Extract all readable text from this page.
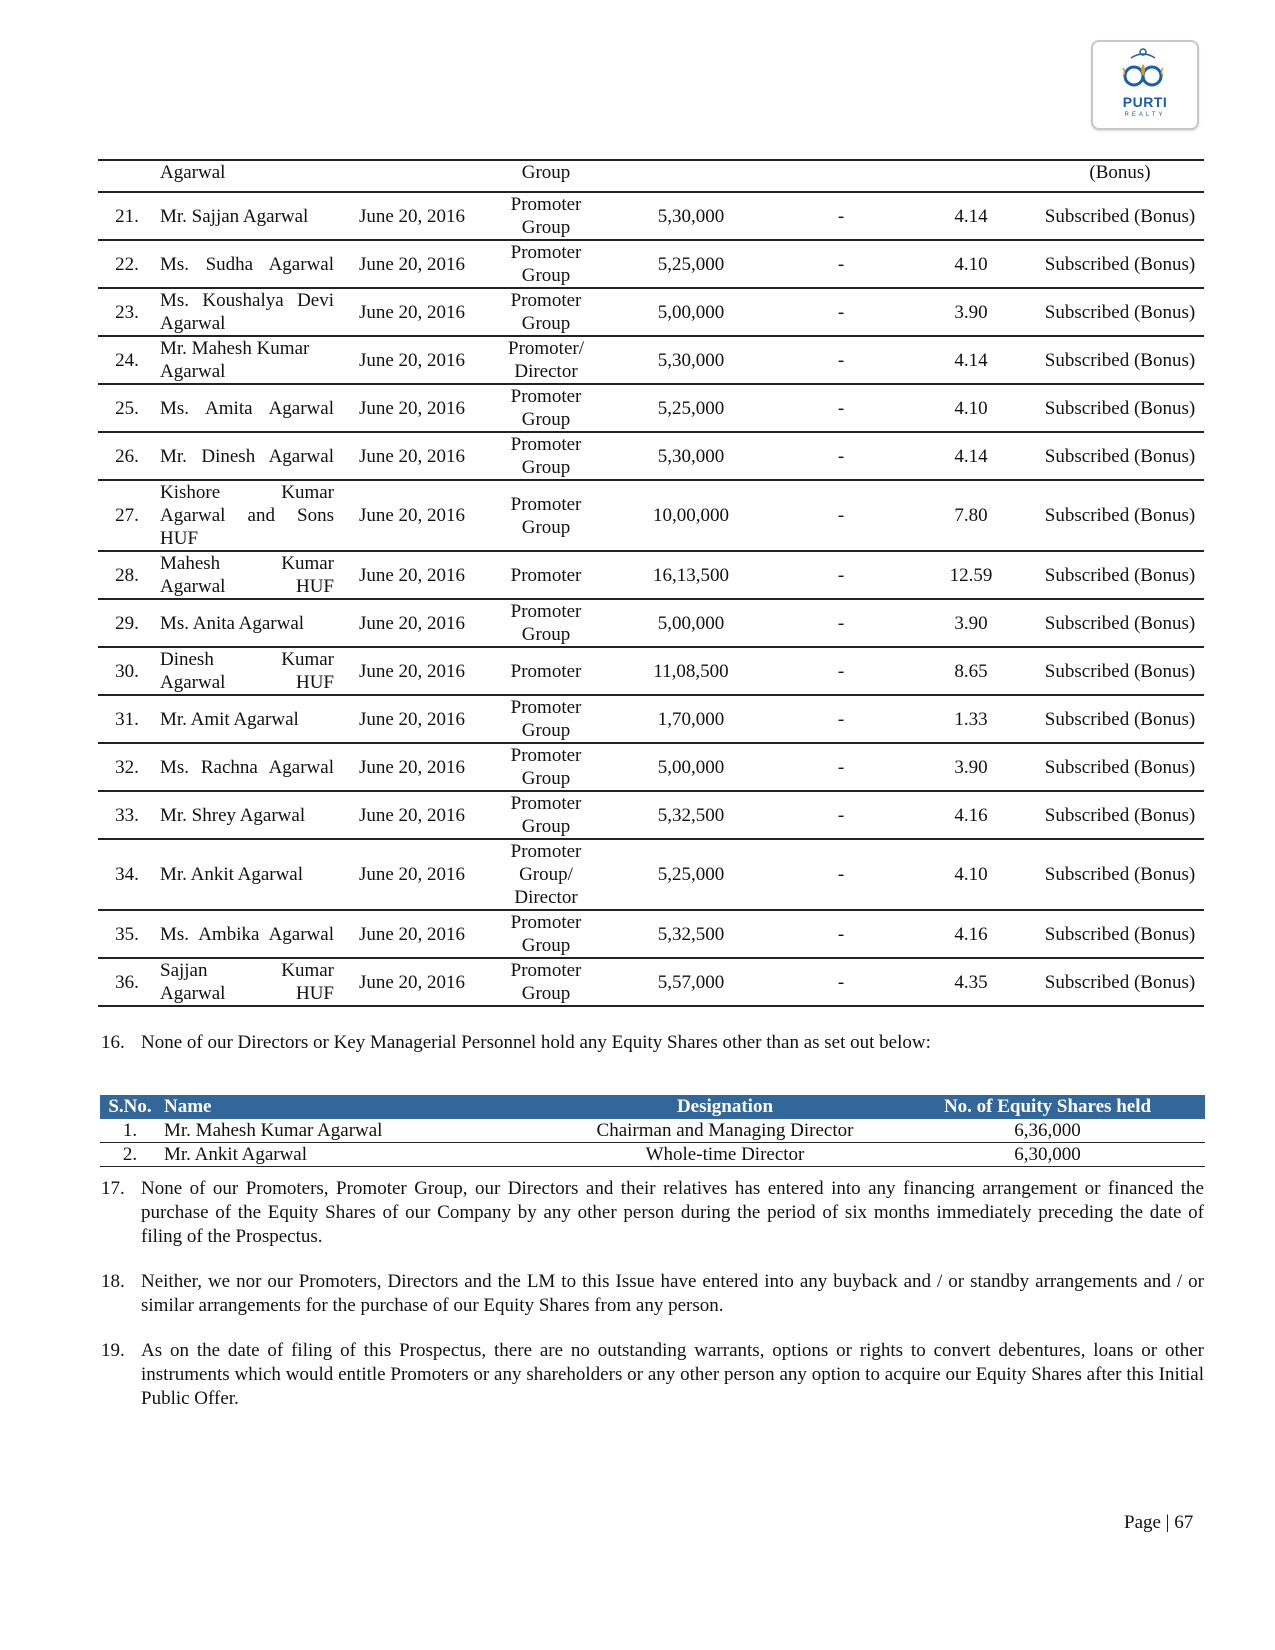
PURTI
REALTY
	Agarwal		Group				(Bonus)
21.	Mr. Sajjan Agarwal	June 20, 2016	Promoter Group	5,30,000	-	4.14	Subscribed (Bonus)
22.	Ms. Sudha Agarwal	June 20, 2016	Promoter Group	5,25,000	-	4.10	Subscribed (Bonus)
23.	Ms. Koushalya Devi Agarwal	June 20, 2016	Promoter Group	5,00,000	-	3.90	Subscribed (Bonus)
24.	Mr. Mahesh Kumar Agarwal	June 20, 2016	Promoter/ Director	5,30,000	-	4.14	Subscribed (Bonus)
25.	Ms. Amita Agarwal	June 20, 2016	Promoter Group	5,25,000	-	4.10	Subscribed (Bonus)
26.	Mr. Dinesh Agarwal	June 20, 2016	Promoter Group	5,30,000	-	4.14	Subscribed (Bonus)
27.	Kishore Kumar Agarwal and Sons HUF	June 20, 2016	Promoter Group	10,00,000	-	7.80	Subscribed (Bonus)
28.	Mahesh Kumar Agarwal HUF	June 20, 2016	Promoter	16,13,500	-	12.59	Subscribed (Bonus)
29.	Ms. Anita Agarwal	June 20, 2016	Promoter Group	5,00,000	-	3.90	Subscribed (Bonus)
30.	Dinesh Kumar Agarwal HUF	June 20, 2016	Promoter	11,08,500	-	8.65	Subscribed (Bonus)
31.	Mr. Amit Agarwal	June 20, 2016	Promoter Group	1,70,000	-	1.33	Subscribed (Bonus)
32.	Ms. Rachna Agarwal	June 20, 2016	Promoter Group	5,00,000	-	3.90	Subscribed (Bonus)
33.	Mr. Shrey Agarwal	June 20, 2016	Promoter Group	5,32,500	-	4.16	Subscribed (Bonus)
34.	Mr. Ankit Agarwal	June 20, 2016	Promoter Group/ Director	5,25,000	-	4.10	Subscribed (Bonus)
35.	Ms. Ambika Agarwal	June 20, 2016	Promoter Group	5,32,500	-	4.16	Subscribed (Bonus)
36.	Sajjan Kumar Agarwal HUF	June 20, 2016	Promoter Group	5,57,000	-	4.35	Subscribed (Bonus)
16. None of our Directors or Key Managerial Personnel hold any Equity Shares other than as set out below:
S.No.	Name	Designation	No. of Equity Shares held
1.	Mr. Mahesh Kumar Agarwal	Chairman and Managing Director	6,36,000
2.	Mr. Ankit Agarwal	Whole-time Director	6,30,000
17. None of our Promoters, Promoter Group, our Directors and their relatives has entered into any financing arrangement or financed the purchase of the Equity Shares of our Company by any other person during the period of six months immediately preceding the date of filing of the Prospectus.
18. Neither, we nor our Promoters, Directors and the LM to this Issue have entered into any buyback and / or standby arrangements and / or similar arrangements for the purchase of our Equity Shares from any person.
19. As on the date of filing of this Prospectus, there are no outstanding warrants, options or rights to convert debentures, loans or other instruments which would entitle Promoters or any shareholders or any other person any option to acquire our Equity Shares after this Initial Public Offer.
Page | 67
